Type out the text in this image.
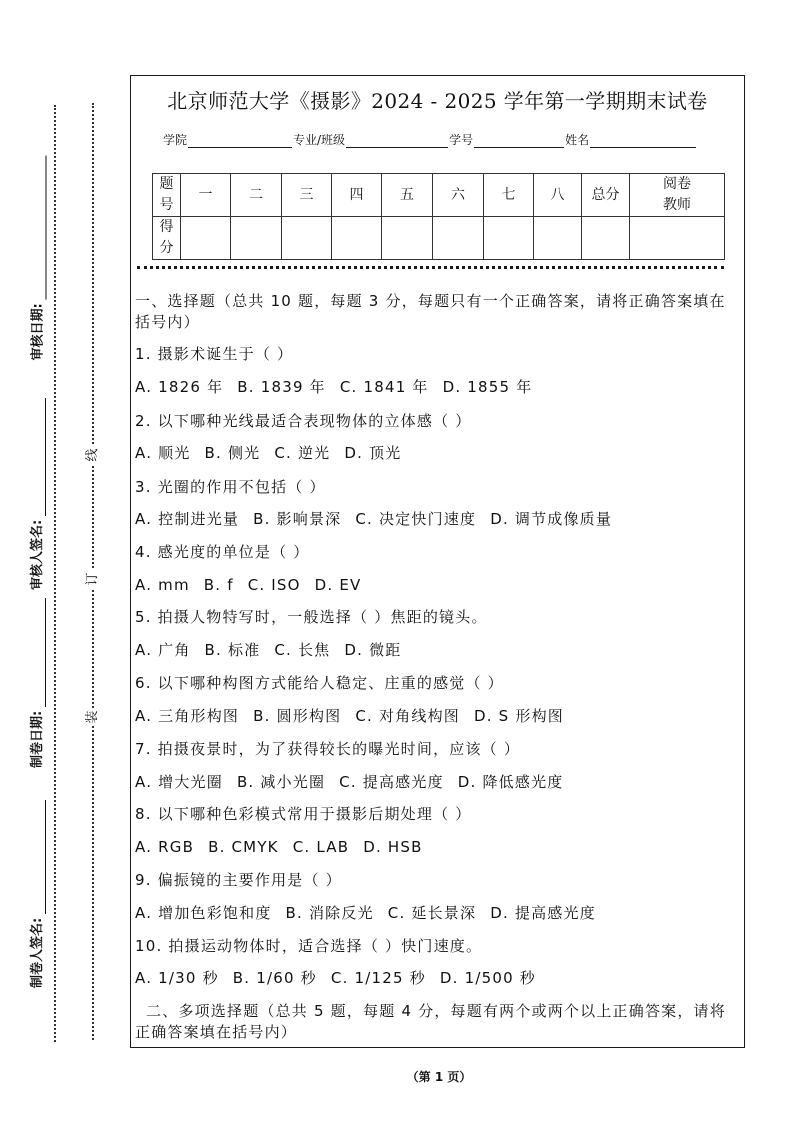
线
订
装
审核日期:
审核人签名:
制卷日期:
制卷人签名:
北京师范大学《摄影》2024 - 2025 学年第一学期期末试卷
学院	专业/班级	学号	姓名
题号	一	二	三	四	五	六	七	八	总分	阅卷教师
得分										
一、选择题（总共 10 题，每题 3 分，每题只有一个正确答案，请将正确答案填在括号内）
1. 摄影术诞生于（ ）
A. 1826 年 B. 1839 年 C. 1841 年 D. 1855 年
2. 以下哪种光线最适合表现物体的立体感（ ）
A. 顺光 B. 侧光 C. 逆光 D. 顶光
3. 光圈的作用不包括（ ）
A. 控制进光量 B. 影响景深 C. 决定快门速度 D. 调节成像质量
4. 感光度的单位是（ ）
A. mm B. f C. ISO D. EV
5. 拍摄人物特写时，一般选择（ ）焦距的镜头。
A. 广角 B. 标准 C. 长焦 D. 微距
6. 以下哪种构图方式能给人稳定、庄重的感觉（ ）
A. 三角形构图 B. 圆形构图 C. 对角线构图 D. S 形构图
7. 拍摄夜景时，为了获得较长的曝光时间，应该（ ）
A. 增大光圈 B. 减小光圈 C. 提高感光度 D. 降低感光度
8. 以下哪种色彩模式常用于摄影后期处理（ ）
A. RGB B. CMYK C. LAB D. HSB
9. 偏振镜的主要作用是（ ）
A. 增加色彩饱和度 B. 消除反光 C. 延长景深 D. 提高感光度
10. 拍摄运动物体时，适合选择（ ）快门速度。
A. 1/30 秒 B. 1/60 秒 C. 1/125 秒 D. 1/500 秒
二、多项选择题（总共 5 题，每题 4 分，每题有两个或两个以上正确答案，请将正确答案填在括号内）
（第 1 页）
